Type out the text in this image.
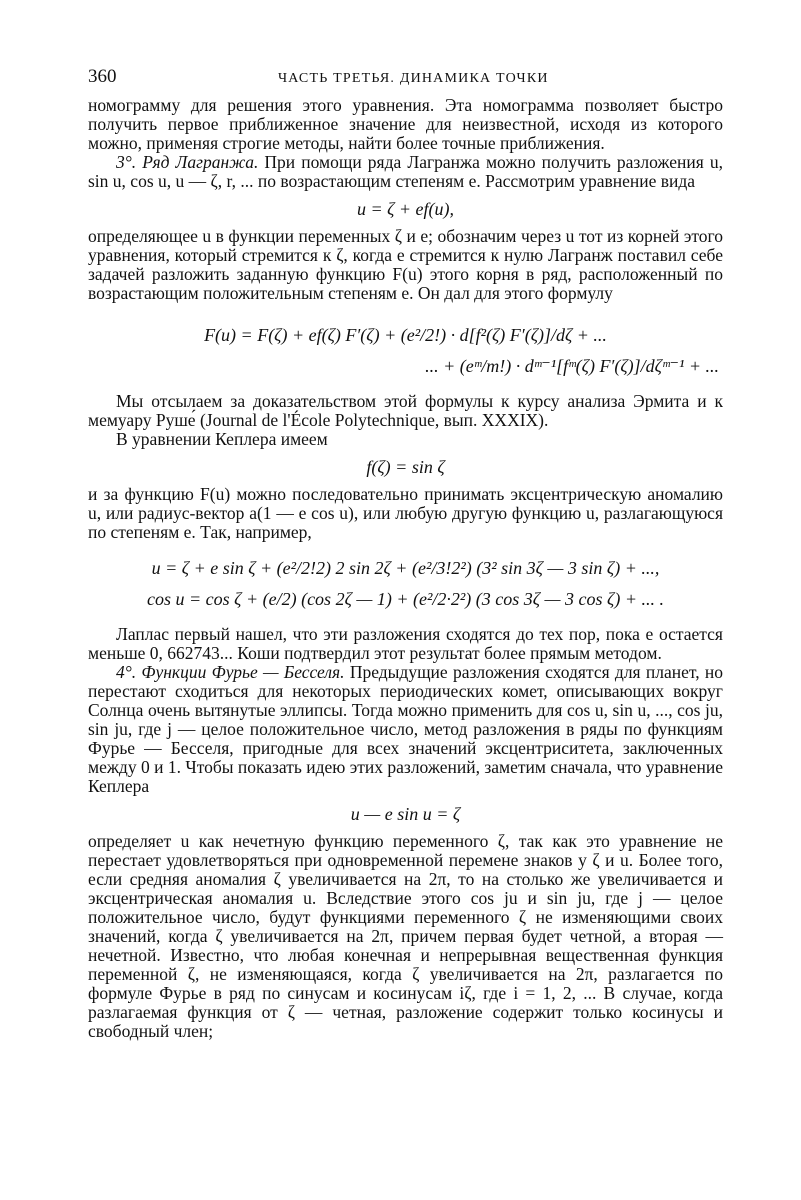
360	ЧАСТЬ ТРЕТЬЯ. ДИНАМИКА ТОЧКИ

номограмму для решения этого уравнения. Эта номограмма позволяет быстро получить первое приближенное значение для неизвестной, исходя из которого можно, применяя строгие методы, найти более точные приближения.

3°. Ряд Лагранжа. При помощи ряда Лагранжа можно получить разложения u, sin u, cos u, u — ζ, r, ... по возрастающим степеням e. Рассмотрим уравнение вида

u = ζ + ef(u),

определяющее u в функции переменных ζ и e; обозначим через u тот из корней этого уравнения, который стремится к ζ, когда e стремится к нулю Лагранж поставил себе задачей разложить заданную функцию F(u) этого корня в ряд, расположенный по возрастающим положительным степеням e. Он дал для этого формулу

F(u) = F(ζ) + ef(ζ) F′(ζ) + (e²/2!) · d[f²(ζ) F′(ζ)]/dζ + ...
... + (eᵐ/m!) · dᵐ⁻¹[fᵐ(ζ) F′(ζ)]/dζᵐ⁻¹ + ...

Мы отсылаем за доказательством этой формулы к курсу анализа Эрмита и к мемуару Руше́ (Journal de l'École Polytechnique, вып. XXXIX).

В уравнении Кеплера имеем

f(ζ) = sin ζ

и за функцию F(u) можно последовательно принимать эксцентрическую аномалию u, или радиус-вектор a(1 — e cos u), или любую другую функцию u, разлагающуюся по степеням e. Так, например,

u = ζ + e sin ζ + (e²/2!2) 2 sin 2ζ + (e²/3!2²) (3² sin 3ζ — 3 sin ζ) + ...,
cos u = cos ζ + (e/2) (cos 2ζ — 1) + (e²/2·2²) (3 cos 3ζ — 3 cos ζ) + ... .

Лаплас первый нашел, что эти разложения сходятся до тех пор, пока e остается меньше 0, 662743... Коши подтвердил этот результат более прямым методом.

4°. Функции Фурье — Бесселя. Предыдущие разложения сходятся для планет, но перестают сходиться для некоторых периодических комет, описывающих вокруг Солнца очень вытянутые эллипсы. Тогда можно применить для cos u, sin u, ..., cos ju, sin ju, где j — целое положительное число, метод разложения в ряды по функциям Фурье — Бесселя, пригодные для всех значений эксцентриситета, заключенных между 0 и 1. Чтобы показать идею этих разложений, заметим сначала, что уравнение Кеплера

u — e sin u = ζ

определяет u как нечетную функцию переменного ζ, так как это уравнение не перестает удовлетворяться при одновременной перемене знаков у ζ и u. Более того, если средняя аномалия ζ увеличивается на 2π, то на столько же увеличивается и эксцентрическая аномалия u. Вследствие этого cos ju и sin ju, где j — целое положительное число, будут функциями переменного ζ не изменяющими своих значений, когда ζ увеличивается на 2π, причем первая будет четной, а вторая — нечетной. Известно, что любая конечная и непрерывная вещественная функция переменной ζ, не изменяющаяся, когда ζ увеличивается на 2π, разлагается по формуле Фурье в ряд по синусам и косинусам iζ, где i = 1, 2, ... В случае, когда разлагаемая функция от ζ — четная, разложение содержит только косинусы и свободный член;
